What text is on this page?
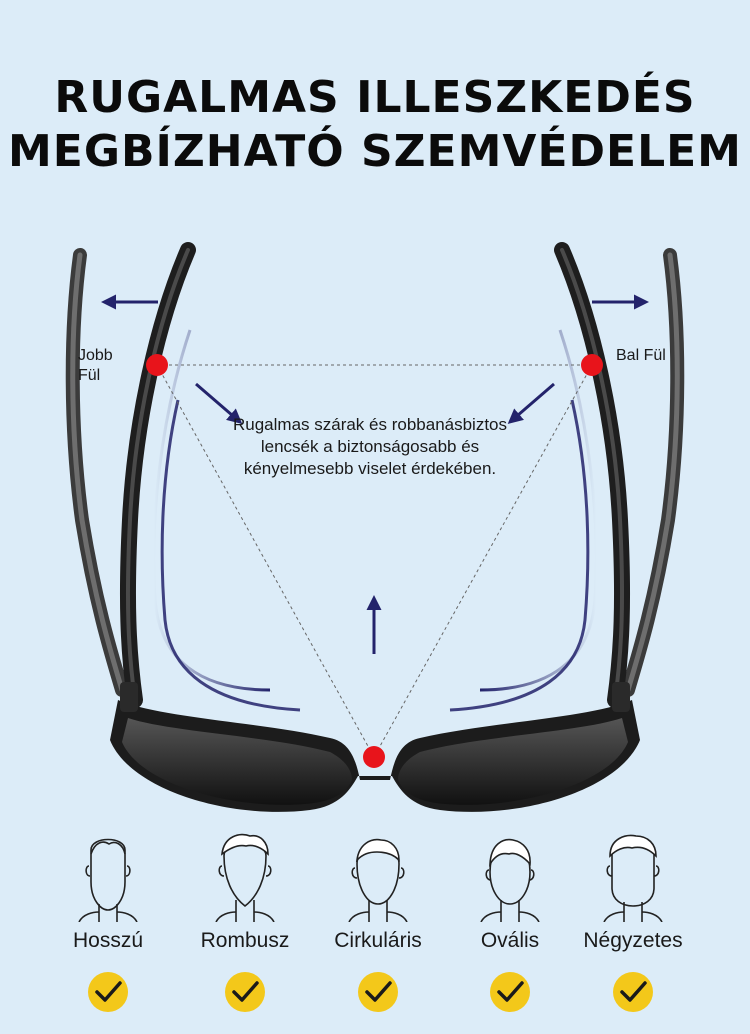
RUGALMAS ILLESZKEDÉS
MEGBÍZHATÓ SZEMVÉDELEM
Jobb
Fül
Bal Fül
Rugalmas szárak és robbanásbiztos lencsék a biztonságosabb és kényelmesebb viselet érdekében.
Hosszú	Rombusz	Cirkuláris	Ovális	Négyzetes
